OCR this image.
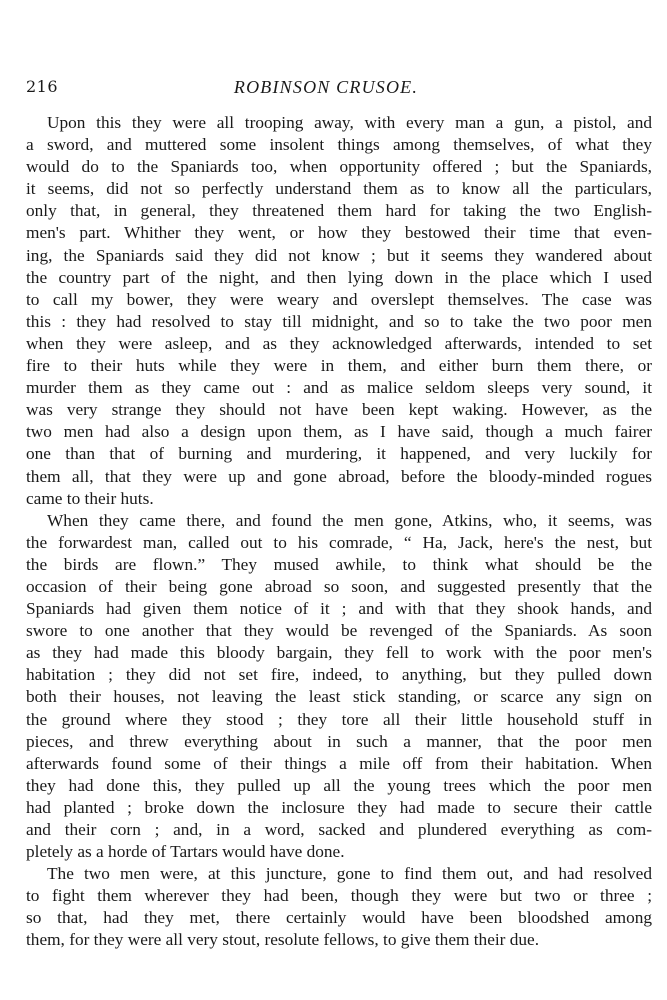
216	ROBINSON CRUSOE.
Upon this they were all trooping away, with every man a gun, a pistol, and
a sword, and muttered some insolent things among themselves, of what they
would do to the Spaniards too, when opportunity offered ; but the Spaniards,
it seems, did not so perfectly understand them as to know all the particulars,
only that, in general, they threatened them hard for taking the two English-
men's part. Whither they went, or how they bestowed their time that even-
ing, the Spaniards said they did not know ; but it seems they wandered about
the country part of the night, and then lying down in the place which I used
to call my bower, they were weary and overslept themselves. The case was
this : they had resolved to stay till midnight, and so to take the two poor men
when they were asleep, and as they acknowledged afterwards, intended to set
fire to their huts while they were in them, and either burn them there, or
murder them as they came out : and as malice seldom sleeps very sound, it
was very strange they should not have been kept waking. However, as the
two men had also a design upon them, as I have said, though a much fairer
one than that of burning and murdering, it happened, and very luckily for
them all, that they were up and gone abroad, before the bloody-minded rogues
came to their huts.
When they came there, and found the men gone, Atkins, who, it seems, was
the forwardest man, called out to his comrade, “ Ha, Jack, here's the nest, but
the birds are flown.” They mused awhile, to think what should be the
occasion of their being gone abroad so soon, and suggested presently that the
Spaniards had given them notice of it ; and with that they shook hands, and
swore to one another that they would be revenged of the Spaniards. As soon
as they had made this bloody bargain, they fell to work with the poor men's
habitation ; they did not set fire, indeed, to anything, but they pulled down
both their houses, not leaving the least stick standing, or scarce any sign on
the ground where they stood ; they tore all their little household stuff in
pieces, and threw everything about in such a manner, that the poor men
afterwards found some of their things a mile off from their habitation. When
they had done this, they pulled up all the young trees which the poor men
had planted ; broke down the inclosure they had made to secure their cattle
and their corn ; and, in a word, sacked and plundered everything as com-
pletely as a horde of Tartars would have done.
The two men were, at this juncture, gone to find them out, and had resolved
to fight them wherever they had been, though they were but two or three ;
so that, had they met, there certainly would have been bloodshed among
them, for they were all very stout, resolute fellows, to give them their due.
